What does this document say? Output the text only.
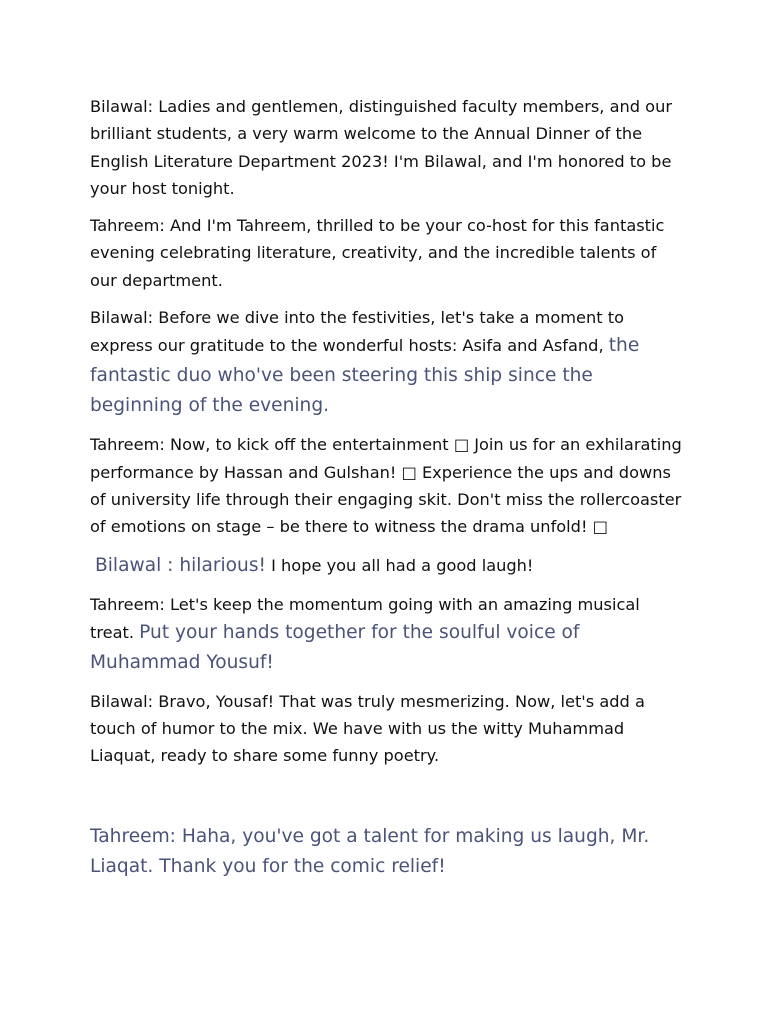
Bilawal: Ladies and gentlemen, distinguished faculty members, and our brilliant students, a very warm welcome to the Annual Dinner of the English Literature Department 2023! I'm Bilawal, and I'm honored to be your host tonight.

Tahreem: And I'm Tahreem, thrilled to be your co-host for this fantastic evening celebrating literature, creativity, and the incredible talents of our department.

Bilawal: Before we dive into the festivities, let's take a moment to express our gratitude to the wonderful hosts: Asifa and Asfand, the fantastic duo who've been steering this ship since the beginning of the evening.

Tahreem: Now, to kick off the entertainment □ Join us for an exhilarating performance by Hassan and Gulshan! □ Experience the ups and downs of university life through their engaging skit. Don't miss the rollercoaster of emotions on stage – be there to witness the drama unfold! □

Bilawal : hilarious! I hope you all had a good laugh!

Tahreem: Let's keep the momentum going with an amazing musical treat. Put your hands together for the soulful voice of Muhammad Yousuf!

Bilawal: Bravo, Yousaf! That was truly mesmerizing. Now, let's add a touch of humor to the mix. We have with us the witty Muhammad Liaquat, ready to share some funny poetry.

Tahreem: Haha, you've got a talent for making us laugh, Mr. Liaqat. Thank you for the comic relief!
